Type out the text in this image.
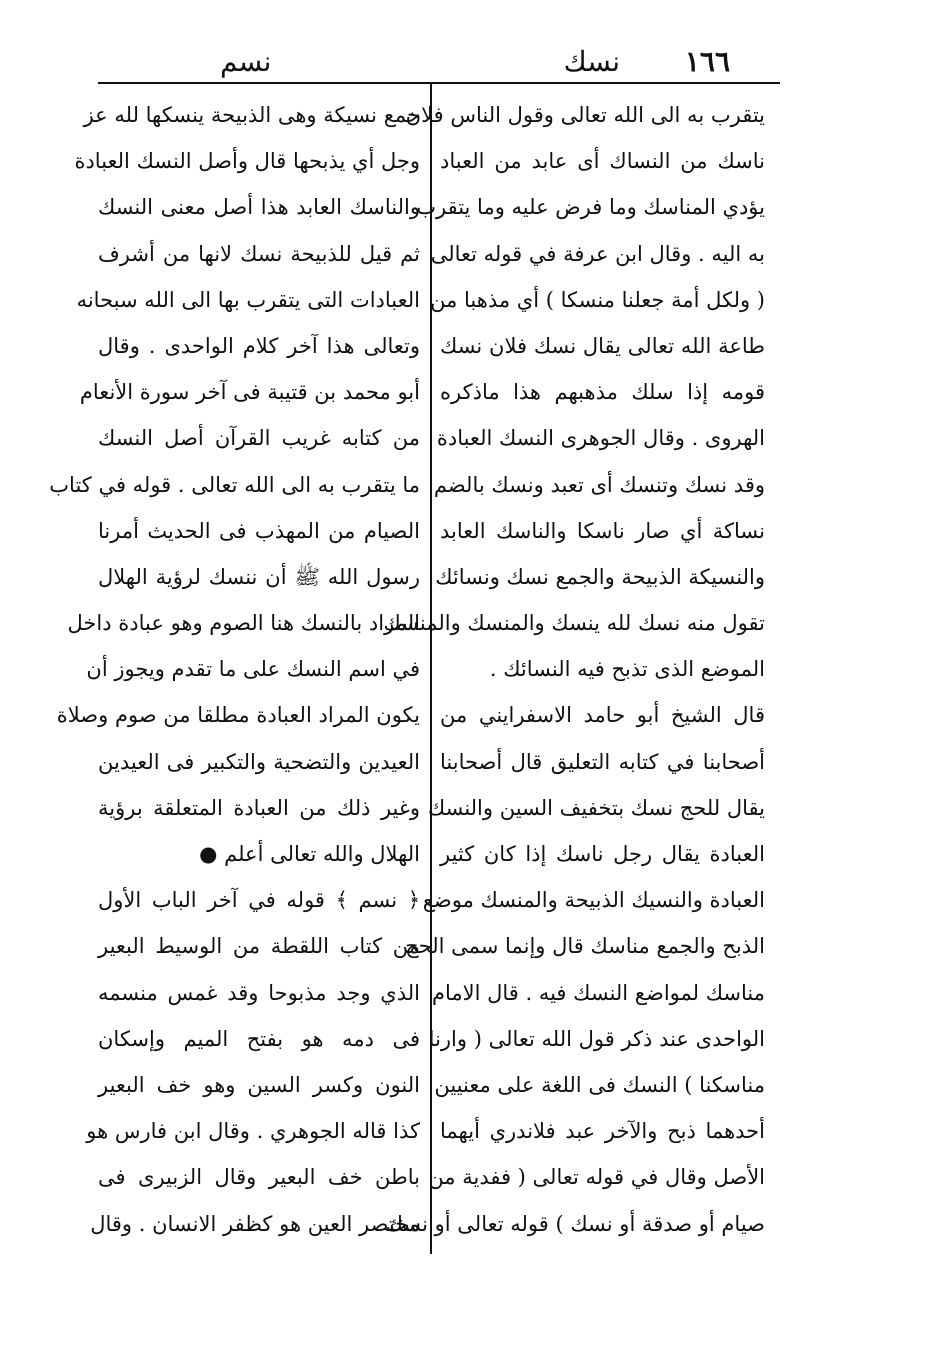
نسم	نسك ١٦٦
يتقرب به الى الله تعالى وقول الناس فلان
ناسك من النساك أى عابد من العباد
يؤدي المناسك وما فرض عليه وما يتقرب
به اليه . وقال ابن عرفة في قوله تعالى
( ولكل أمة جعلنا منسكا ) أي مذهبا من
طاعة الله تعالى يقال نسك فلان نسك
قومه إذا سلك مذهبهم هذا ماذكره
الهروى . وقال الجوهرى النسك العبادة
وقد نسك وتنسك أى تعبد ونسك بالضم
نساكة أي صار ناسكا والناسك العابد
والنسيكة الذبيحة والجمع نسك ونسائك
تقول منه نسك لله ينسك والمنسك والمنسك
الموضع الذى تذبح فيه النسائك .
قال الشيخ أبو حامد الاسفرايني من
أصحابنا في كتابه التعليق قال أصحابنا
يقال للحج نسك بتخفيف السين والنسك
العبادة يقال رجل ناسك إذا كان كثير
العبادة والنسيك الذبيحة والمنسك موضع
الذبح والجمع مناسك قال وإنما سمى الحج
مناسك لمواضع النسك فيه . قال الامام
الواحدى عند ذكر قول الله تعالى ( وارنا
مناسكنا ) النسك فى اللغة على معنيين
أحدهما ذبح والآخر عبد فلاندري أيهما
الأصل وقال في قوله تعالى ( ففدية من
صيام أو صدقة أو نسك ) قوله تعالى أو نسك
جمع نسيكة وهى الذبيحة ينسكها لله عز
وجل أي يذبحها قال وأصل النسك العبادة
والناسك العابد هذا أصل معنى النسك
ثم قيل للذبيحة نسك لانها من أشرف
العبادات التى يتقرب بها الى الله سبحانه
وتعالى هذا آخر كلام الواحدى . وقال
أبو محمد بن قتيبة فى آخر سورة الأنعام
من كتابه غريب القرآن أصل النسك
ما يتقرب به الى الله تعالى . قوله في كتاب
الصيام من المهذب فى الحديث أمرنا
رسول الله ﷺ أن ننسك لرؤية الهلال
المراد بالنسك هنا الصوم وهو عبادة داخل
في اسم النسك على ما تقدم ويجوز أن
يكون المراد العبادة مطلقا من صوم وصلاة
العيدين والتضحية والتكبير فى العيدين
وغير ذلك من العبادة المتعلقة برؤية
الهلال والله تعالى أعلم ●
﴿ نسم ﴾ قوله في آخر الباب الأول
من كتاب اللقطة من الوسيط البعير
الذي وجد مذبوحا وقد غمس منسمه
فى دمه هو بفتح الميم وإسكان
النون وكسر السين وهو خف البعير
كذا قاله الجوهري . وقال ابن فارس هو
باطن خف البعير وقال الزبيرى فى
مختصر العين هو كظفر الانسان . وقال
